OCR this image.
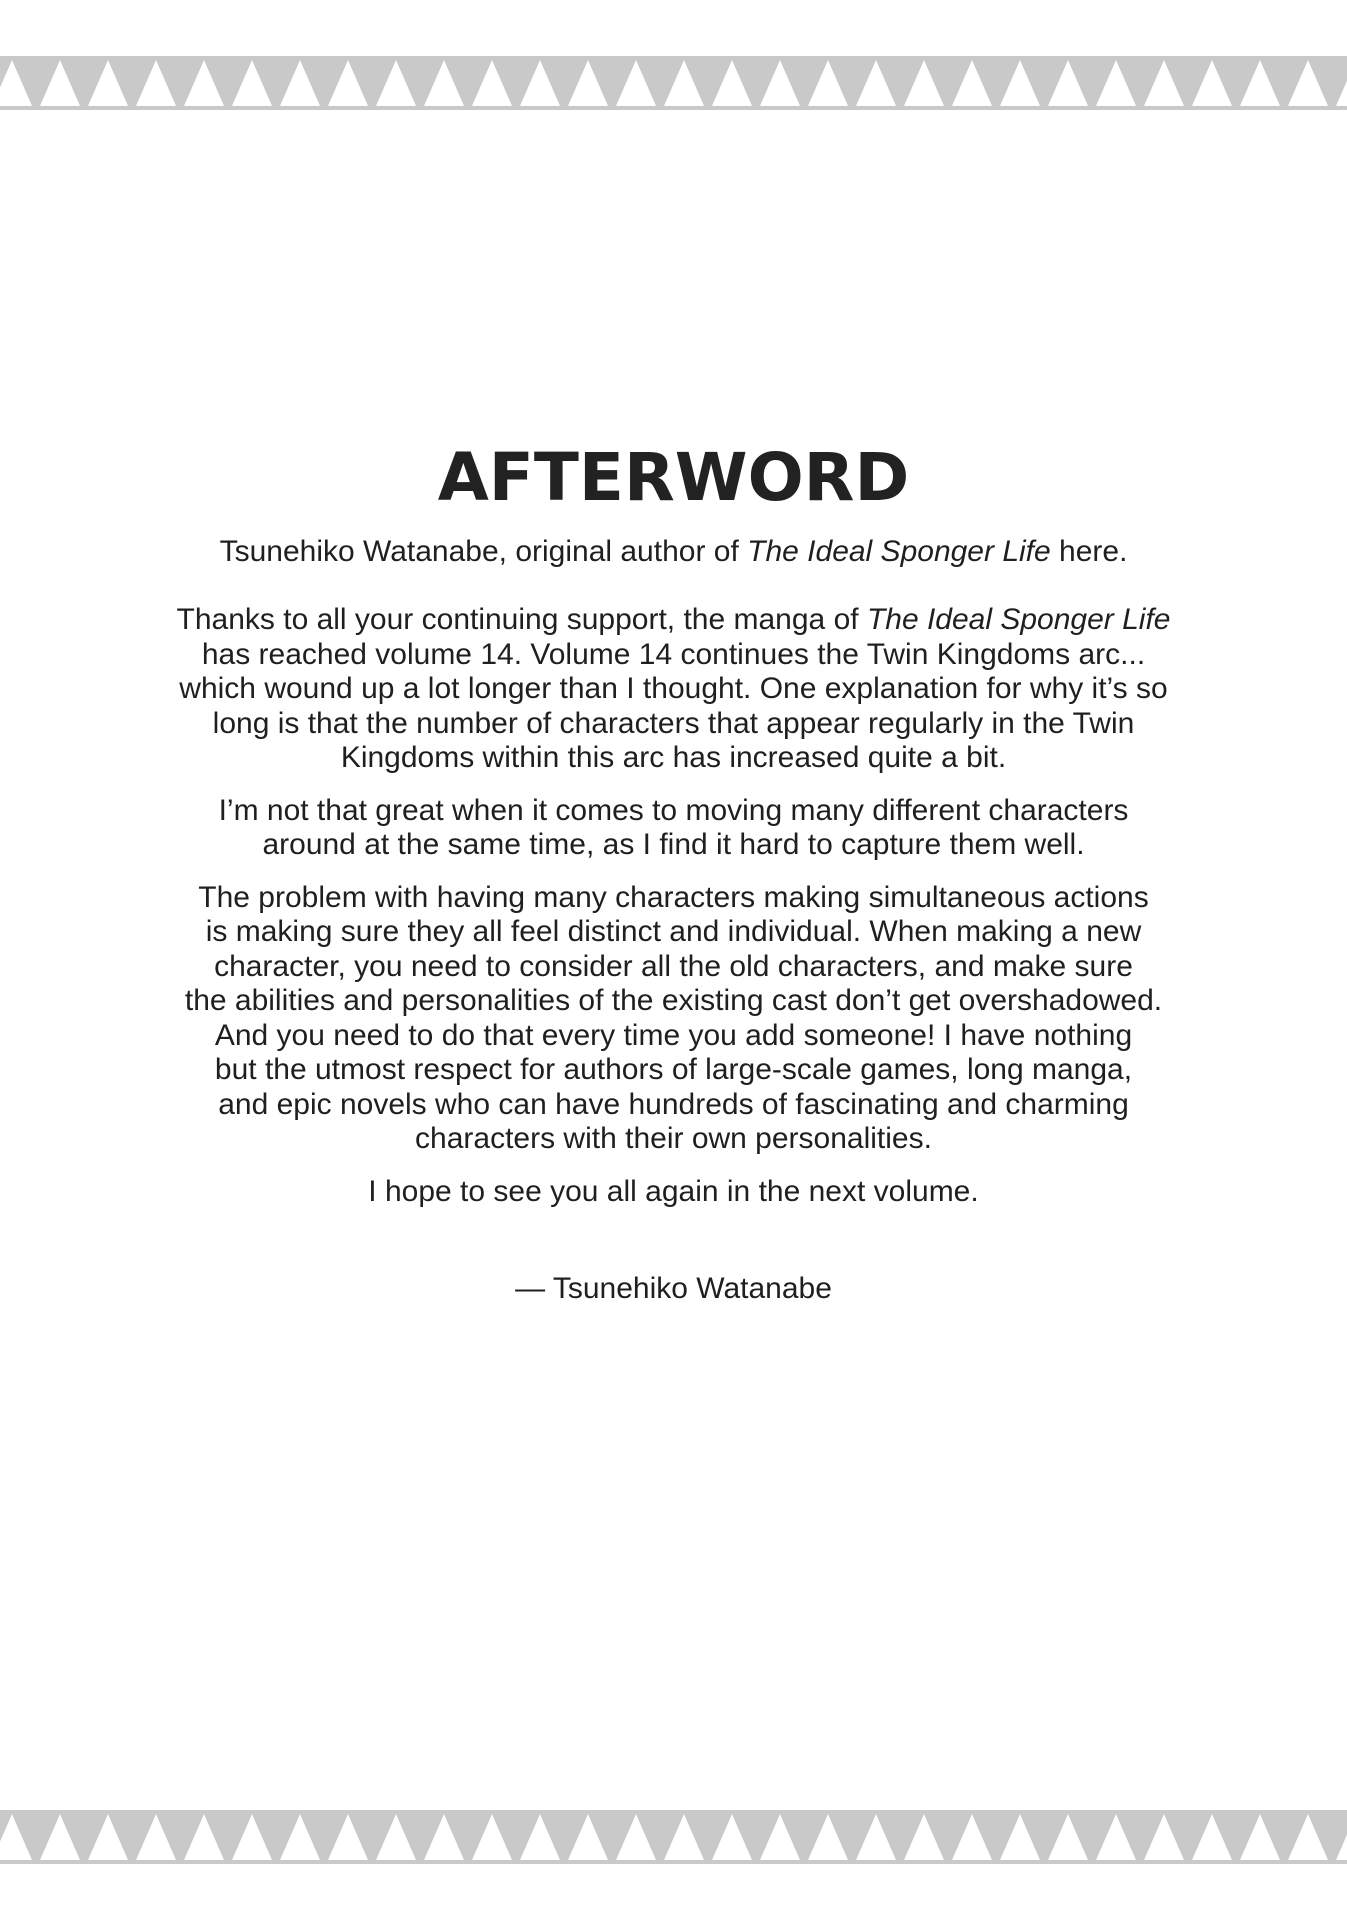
AFTERWORD

Tsunehiko Watanabe, original author of The Ideal Sponger Life here.

Thanks to all your continuing support, the manga of The Ideal Sponger Life
has reached volume 14. Volume 14 continues the Twin Kingdoms arc...
which wound up a lot longer than I thought. One explanation for why it’s so
long is that the number of characters that appear regularly in the Twin
Kingdoms within this arc has increased quite a bit.

I’m not that great when it comes to moving many different characters
around at the same time, as I find it hard to capture them well.

The problem with having many characters making simultaneous actions
is making sure they all feel distinct and individual. When making a new
character, you need to consider all the old characters, and make sure
the abilities and personalities of the existing cast don’t get overshadowed.
And you need to do that every time you add someone! I have nothing
but the utmost respect for authors of large-scale games, long manga,
and epic novels who can have hundreds of fascinating and charming
characters with their own personalities.

I hope to see you all again in the next volume.

— Tsunehiko Watanabe
